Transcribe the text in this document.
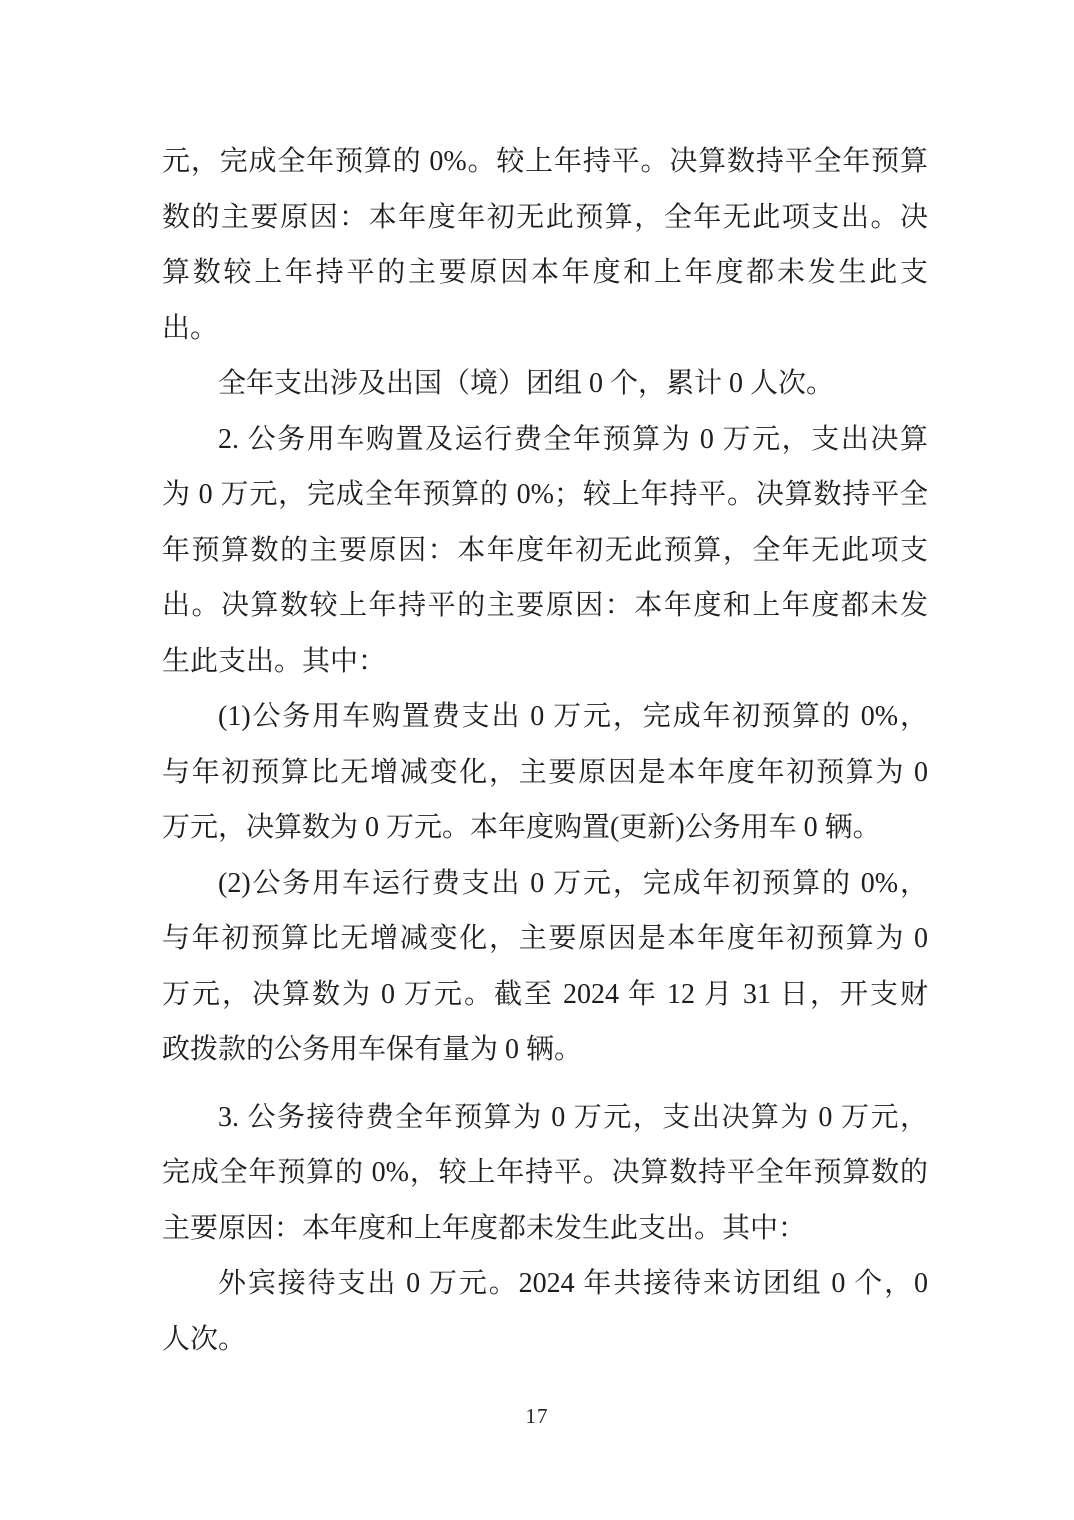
元，完成全年预算的 0%。较上年持平。决算数持平全年预算
数的主要原因：本年度年初无此预算，全年无此项支出。决
算数较上年持平的主要原因本年度和上年度都未发生此支
出。
全年支出涉及出国（境）团组 0 个，累计 0 人次。
2. 公务用车购置及运行费全年预算为 0 万元，支出决算
为 0 万元，完成全年预算的 0%；较上年持平。决算数持平全
年预算数的主要原因：本年度年初无此预算，全年无此项支
出。决算数较上年持平的主要原因：本年度和上年度都未发
生此支出。其中：
(1)公务用车购置费支出 0 万元，完成年初预算的 0%，
与年初预算比无增减变化，主要原因是本年度年初预算为 0
万元，决算数为 0 万元。本年度购置(更新)公务用车 0 辆。
(2)公务用车运行费支出 0 万元，完成年初预算的 0%，
与年初预算比无增减变化，主要原因是本年度年初预算为 0
万元，决算数为 0 万元。截至 2024 年 12 月 31 日，开支财
政拨款的公务用车保有量为 0 辆。
3. 公务接待费全年预算为 0 万元，支出决算为 0 万元，
完成全年预算的 0%，较上年持平。决算数持平全年预算数的
主要原因：本年度和上年度都未发生此支出。其中：
外宾接待支出 0 万元。2024 年共接待来访团组 0 个，0
人次。
17
